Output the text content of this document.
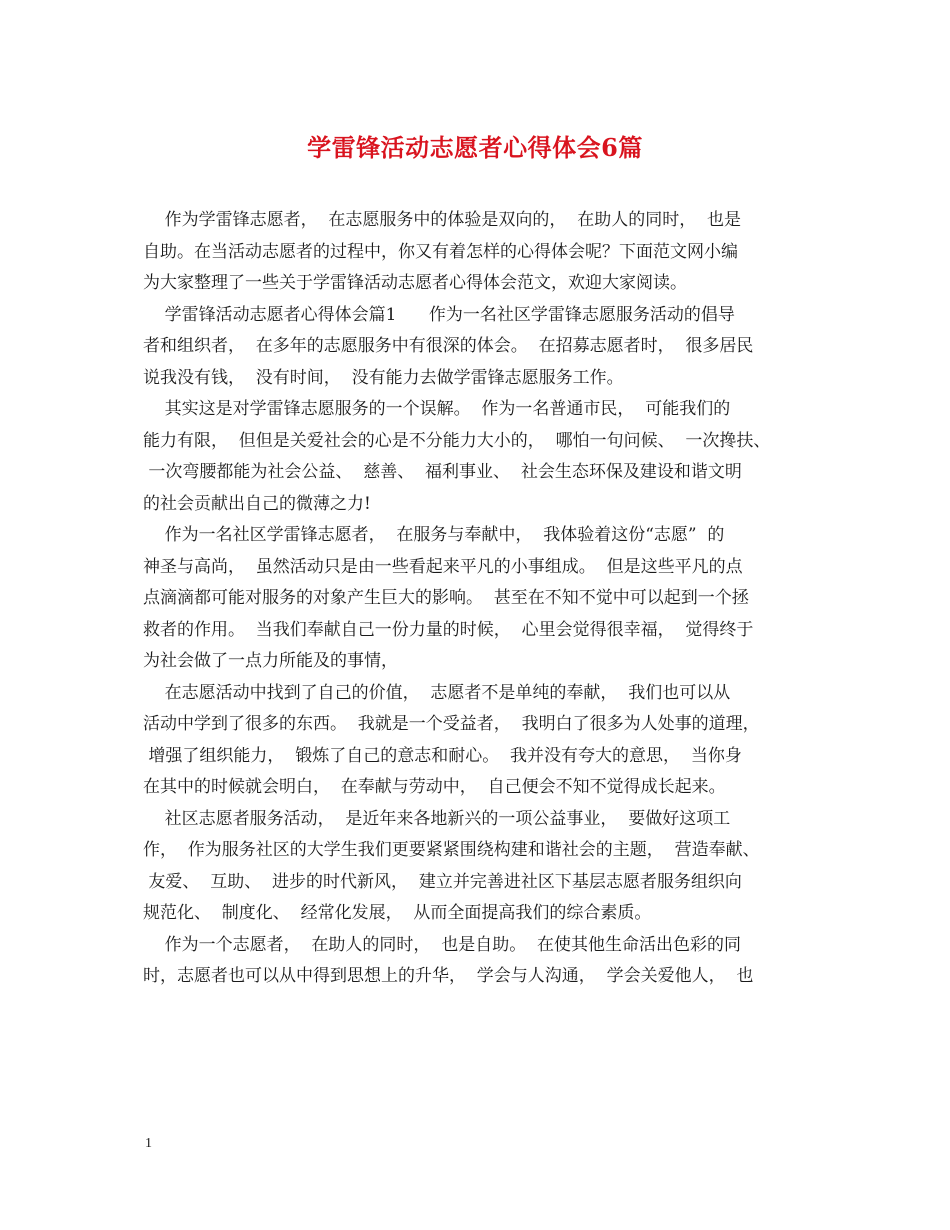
学雷锋活动志愿者心得体会6篇
作为学雷锋志愿者，  在志愿服务中的体验是双向的，  在助人的同时，  也是
自助。在当活动志愿者的过程中，你又有着怎样的心得体会呢？下面范文网小编
为大家整理了一些关于学雷锋活动志愿者心得体会范文，欢迎大家阅读。
学雷锋活动志愿者心得体会篇1      作为一名社区学雷锋志愿服务活动的倡导
者和组织者，  在多年的志愿服务中有很深的体会。  在招募志愿者时，  很多居民
说我没有钱，  没有时间，  没有能力去做学雷锋志愿服务工作。
其实这是对学雷锋志愿服务的一个误解。  作为一名普通市民，  可能我们的
能力有限，  但但是关爱社会的心是不分能力大小的，  哪怕一句问候、  一次搀扶、
一次弯腰都能为社会公益、  慈善、  福利事业、  社会生态环保及建设和谐文明
的社会贡献出自己的微薄之力!
作为一名社区学雷锋志愿者，  在服务与奉献中，  我体验着这份“志愿”  的
神圣与高尚，  虽然活动只是由一些看起来平凡的小事组成。  但是这些平凡的点
点滴滴都可能对服务的对象产生巨大的影响。  甚至在不知不觉中可以起到一个拯
救者的作用。  当我们奉献自己一份力量的时候，  心里会觉得很幸福，  觉得终于
为社会做了一点力所能及的事情，
在志愿活动中找到了自己的价值，  志愿者不是单纯的奉献，  我们也可以从
活动中学到了很多的东西。  我就是一个受益者，  我明白了很多为人处事的道理，
增强了组织能力，  锻炼了自己的意志和耐心。  我并没有夸大的意思，  当你身
在其中的时候就会明白，  在奉献与劳动中，  自己便会不知不觉得成长起来。
社区志愿者服务活动，  是近年来各地新兴的一项公益事业，  要做好这项工
作，  作为服务社区的大学生我们更要紧紧围绕构建和谐社会的主题，  营造奉献、
友爱、  互助、  进步的时代新风，  建立并完善进社区下基层志愿者服务组织向
规范化、  制度化、  经常化发展，  从而全面提高我们的综合素质。
作为一个志愿者，  在助人的同时，  也是自助。  在使其他生命活出色彩的同
时，志愿者也可以从中得到思想上的升华，  学会与人沟通，  学会关爱他人，  也
1
